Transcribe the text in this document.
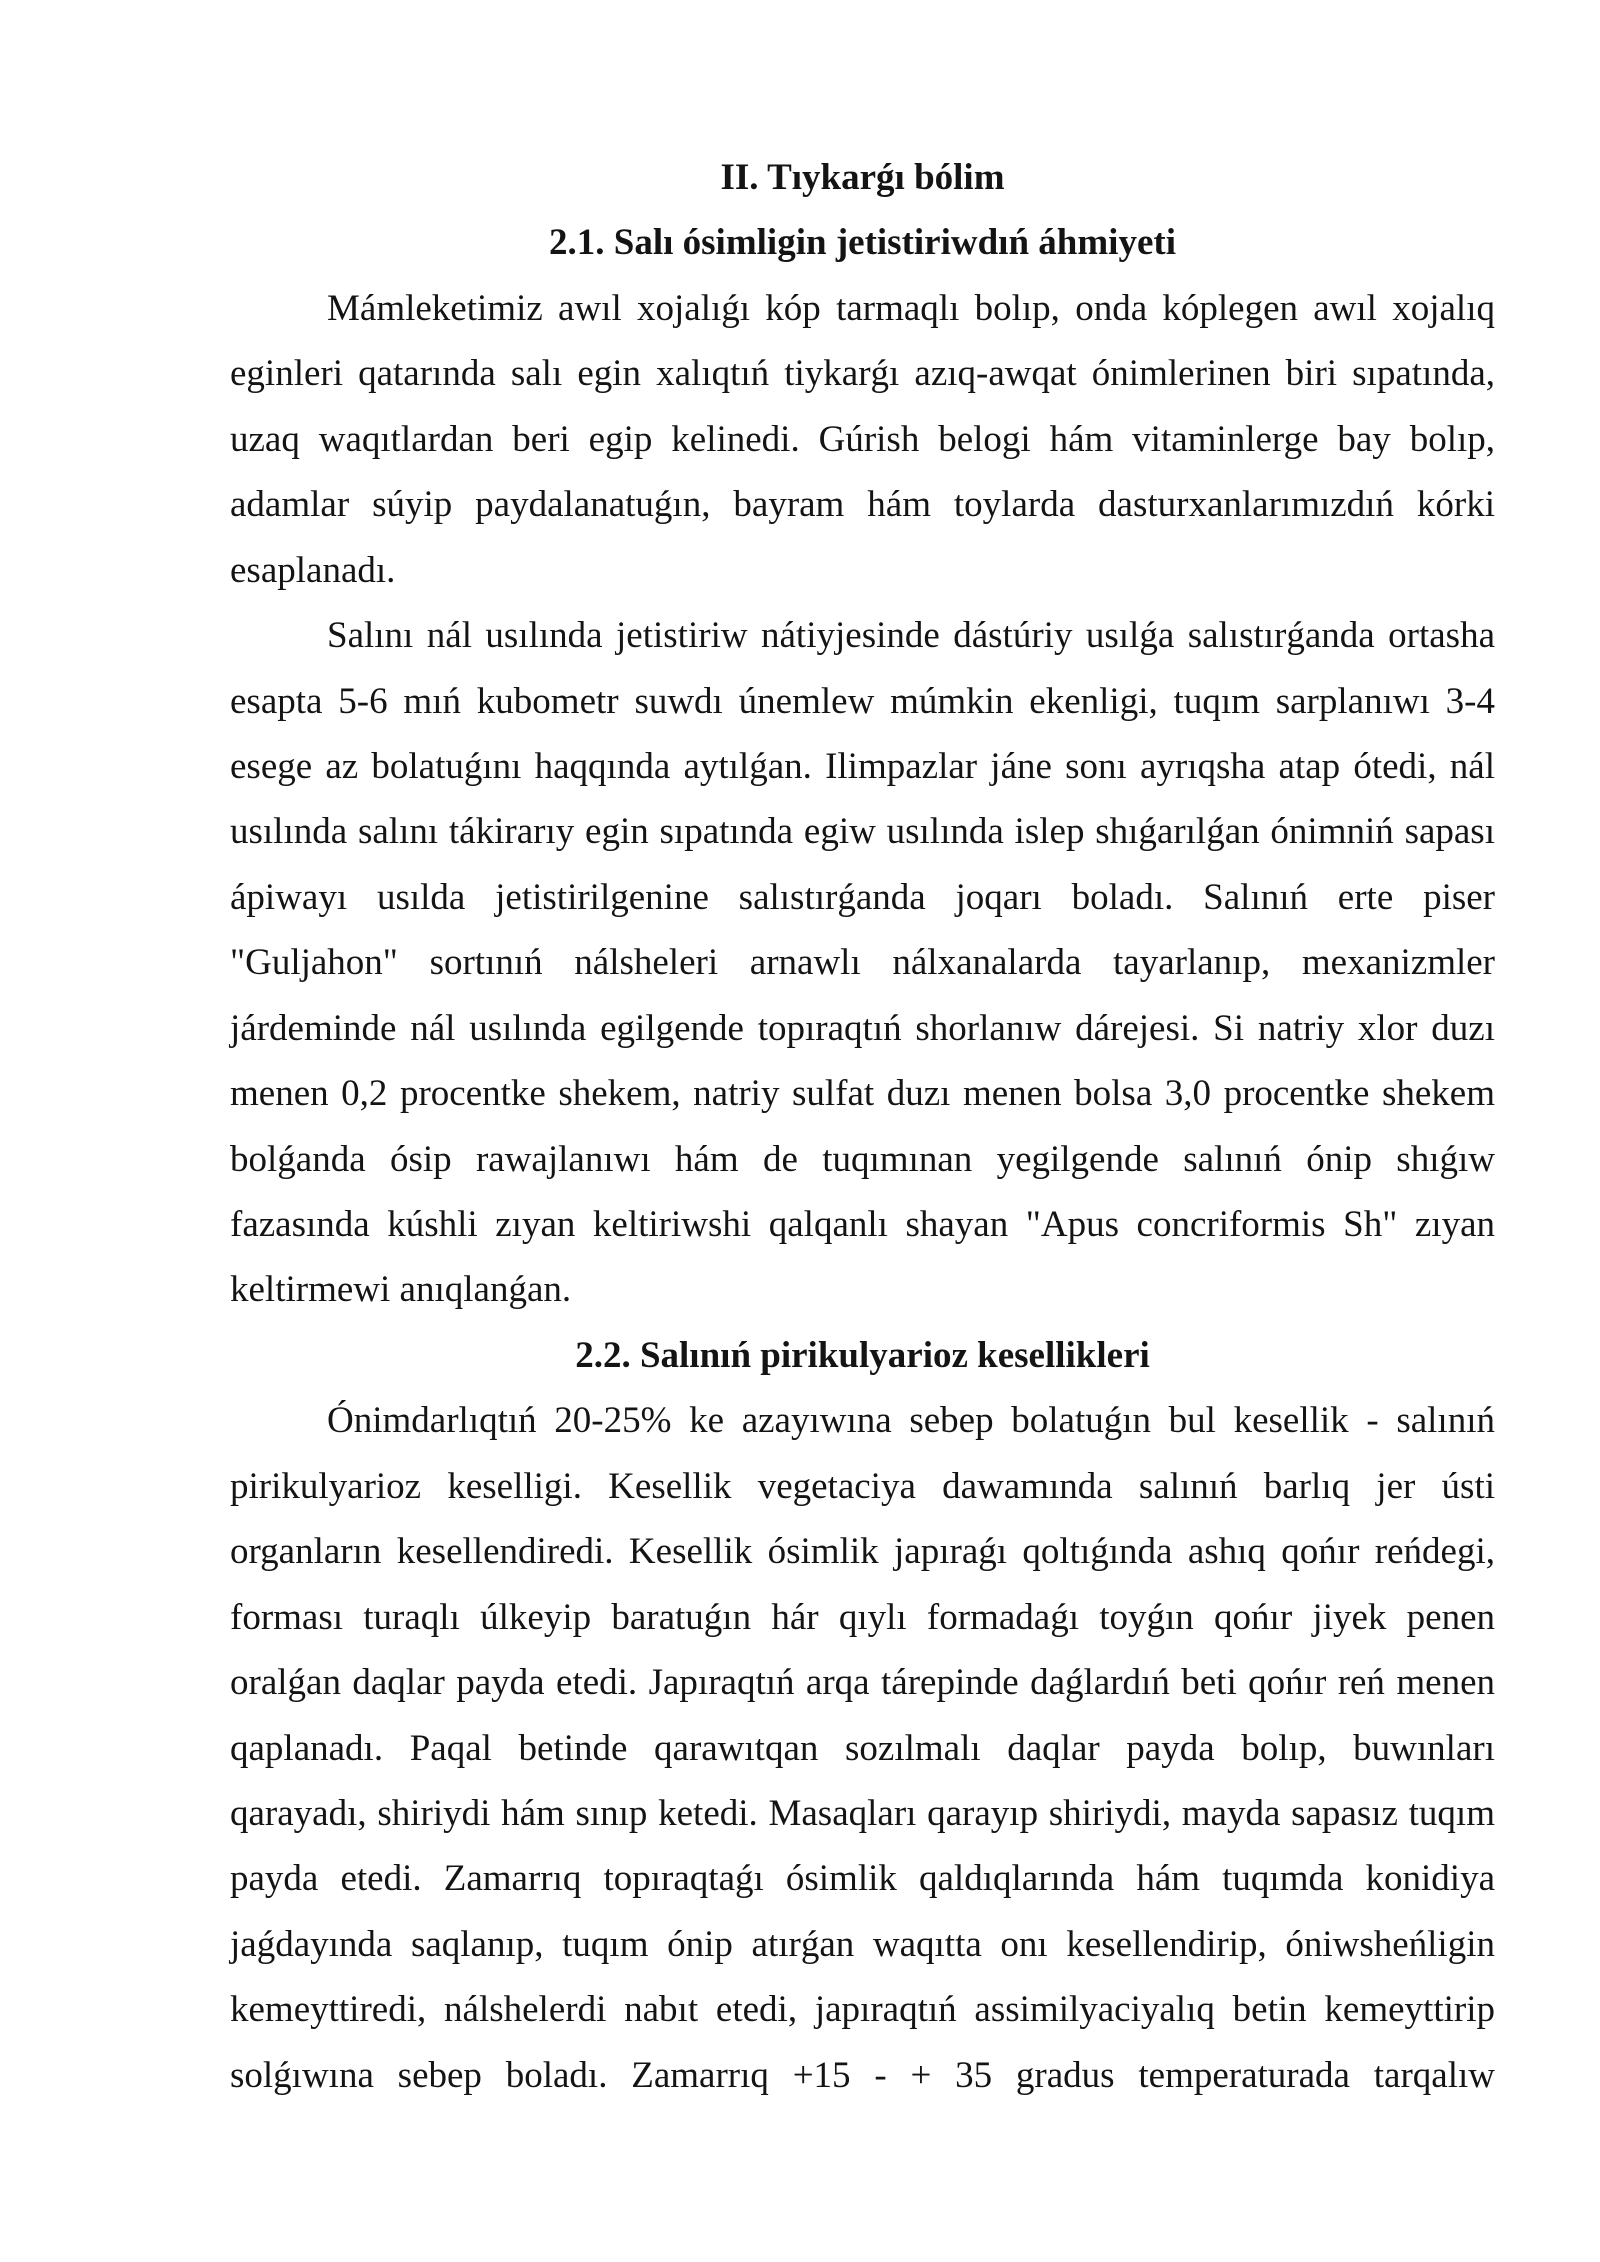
II. Tıykarǵı bólim
2.1. Salı ósimligin jetistiriwdıń áhmiyeti
Mámleketimiz awıl xojalıǵı kóp tarmaqlı bolıp, onda kóplegen awıl xojalıq
eginleri qatarında salı egin xalıqtıń tiykarǵı azıq-awqat ónimlerinen biri sıpatında,
uzaq waqıtlardan beri egip kelinedi. Gúrish belogi hám vitaminlerge bay bolıp,
adamlar súyip paydalanatuǵın, bayram hám toylarda dasturxanlarımızdıń kórki
esaplanadı.
Salını nál usılında jetistiriw nátiyjesinde dástúriy usılǵa salıstırǵanda ortasha
esapta 5-6 mıń kubometr suwdı únemlew múmkin ekenligi, tuqım sarplanıwı 3-4
esege az bolatuǵını haqqında aytılǵan. Ilimpazlar jáne sonı ayrıqsha atap ótedi, nál
usılında salını tákirarıy egin sıpatında egiw usılında islep shıǵarılǵan ónimniń sapası
ápiwayı usılda jetistirilgenine salıstırǵanda joqarı boladı. Salınıń erte piser
"Guljahon" sortınıń nálsheleri arnawlı nálxanalarda tayarlanıp, mexanizmler
járdeminde nál usılında egilgende topıraqtıń shorlanıw dárejesi. Si natriy xlor duzı
menen 0,2 procentke shekem, natriy sulfat duzı menen bolsa 3,0 procentke shekem
bolǵanda ósip rawajlanıwı hám de tuqımınan yegilgende salınıń ónip shıǵıw
fazasında kúshli zıyan keltiriwshi qalqanlı shayan "Apus concriformis Sh" zıyan
keltirmewi anıqlanǵan.
2.2. Salınıń pirikulyarioz kesellikleri
Ónimdarlıqtıń 20-25% ke azayıwına sebep bolatuǵın bul kesellik - salınıń
pirikulyarioz keselligi. Kesellik vegetaciya dawamında salınıń barlıq jer ústi
organların kesellendiredi. Kesellik ósimlik japıraǵı qoltıǵında ashıq qońır reńdegi,
forması turaqlı úlkeyip baratuǵın hár qıylı formadaǵı toyǵın qońır jiyek penen
oralǵan daqlar payda etedi. Japıraqtıń arqa tárepinde daǵlardıń beti qońır reń menen
qaplanadı. Paqal betinde qarawıtqan sozılmalı daqlar payda bolıp, buwınları
qarayadı, shiriydi hám sınıp ketedi. Masaqları qarayıp shiriydi, mayda sapasız tuqım
payda etedi. Zamarrıq topıraqtaǵı ósimlik qaldıqlarında hám tuqımda konidiya
jaǵdayında saqlanıp, tuqım ónip atırǵan waqıtta onı kesellendirip, óniwsheńligin
kemeyttiredi, nálshelerdi nabıt etedi, japıraqtıń assimilyaciyalıq betin kemeyttirip
solǵıwına sebep boladı. Zamarrıq +15 - + 35 gradus temperaturada tarqalıw
